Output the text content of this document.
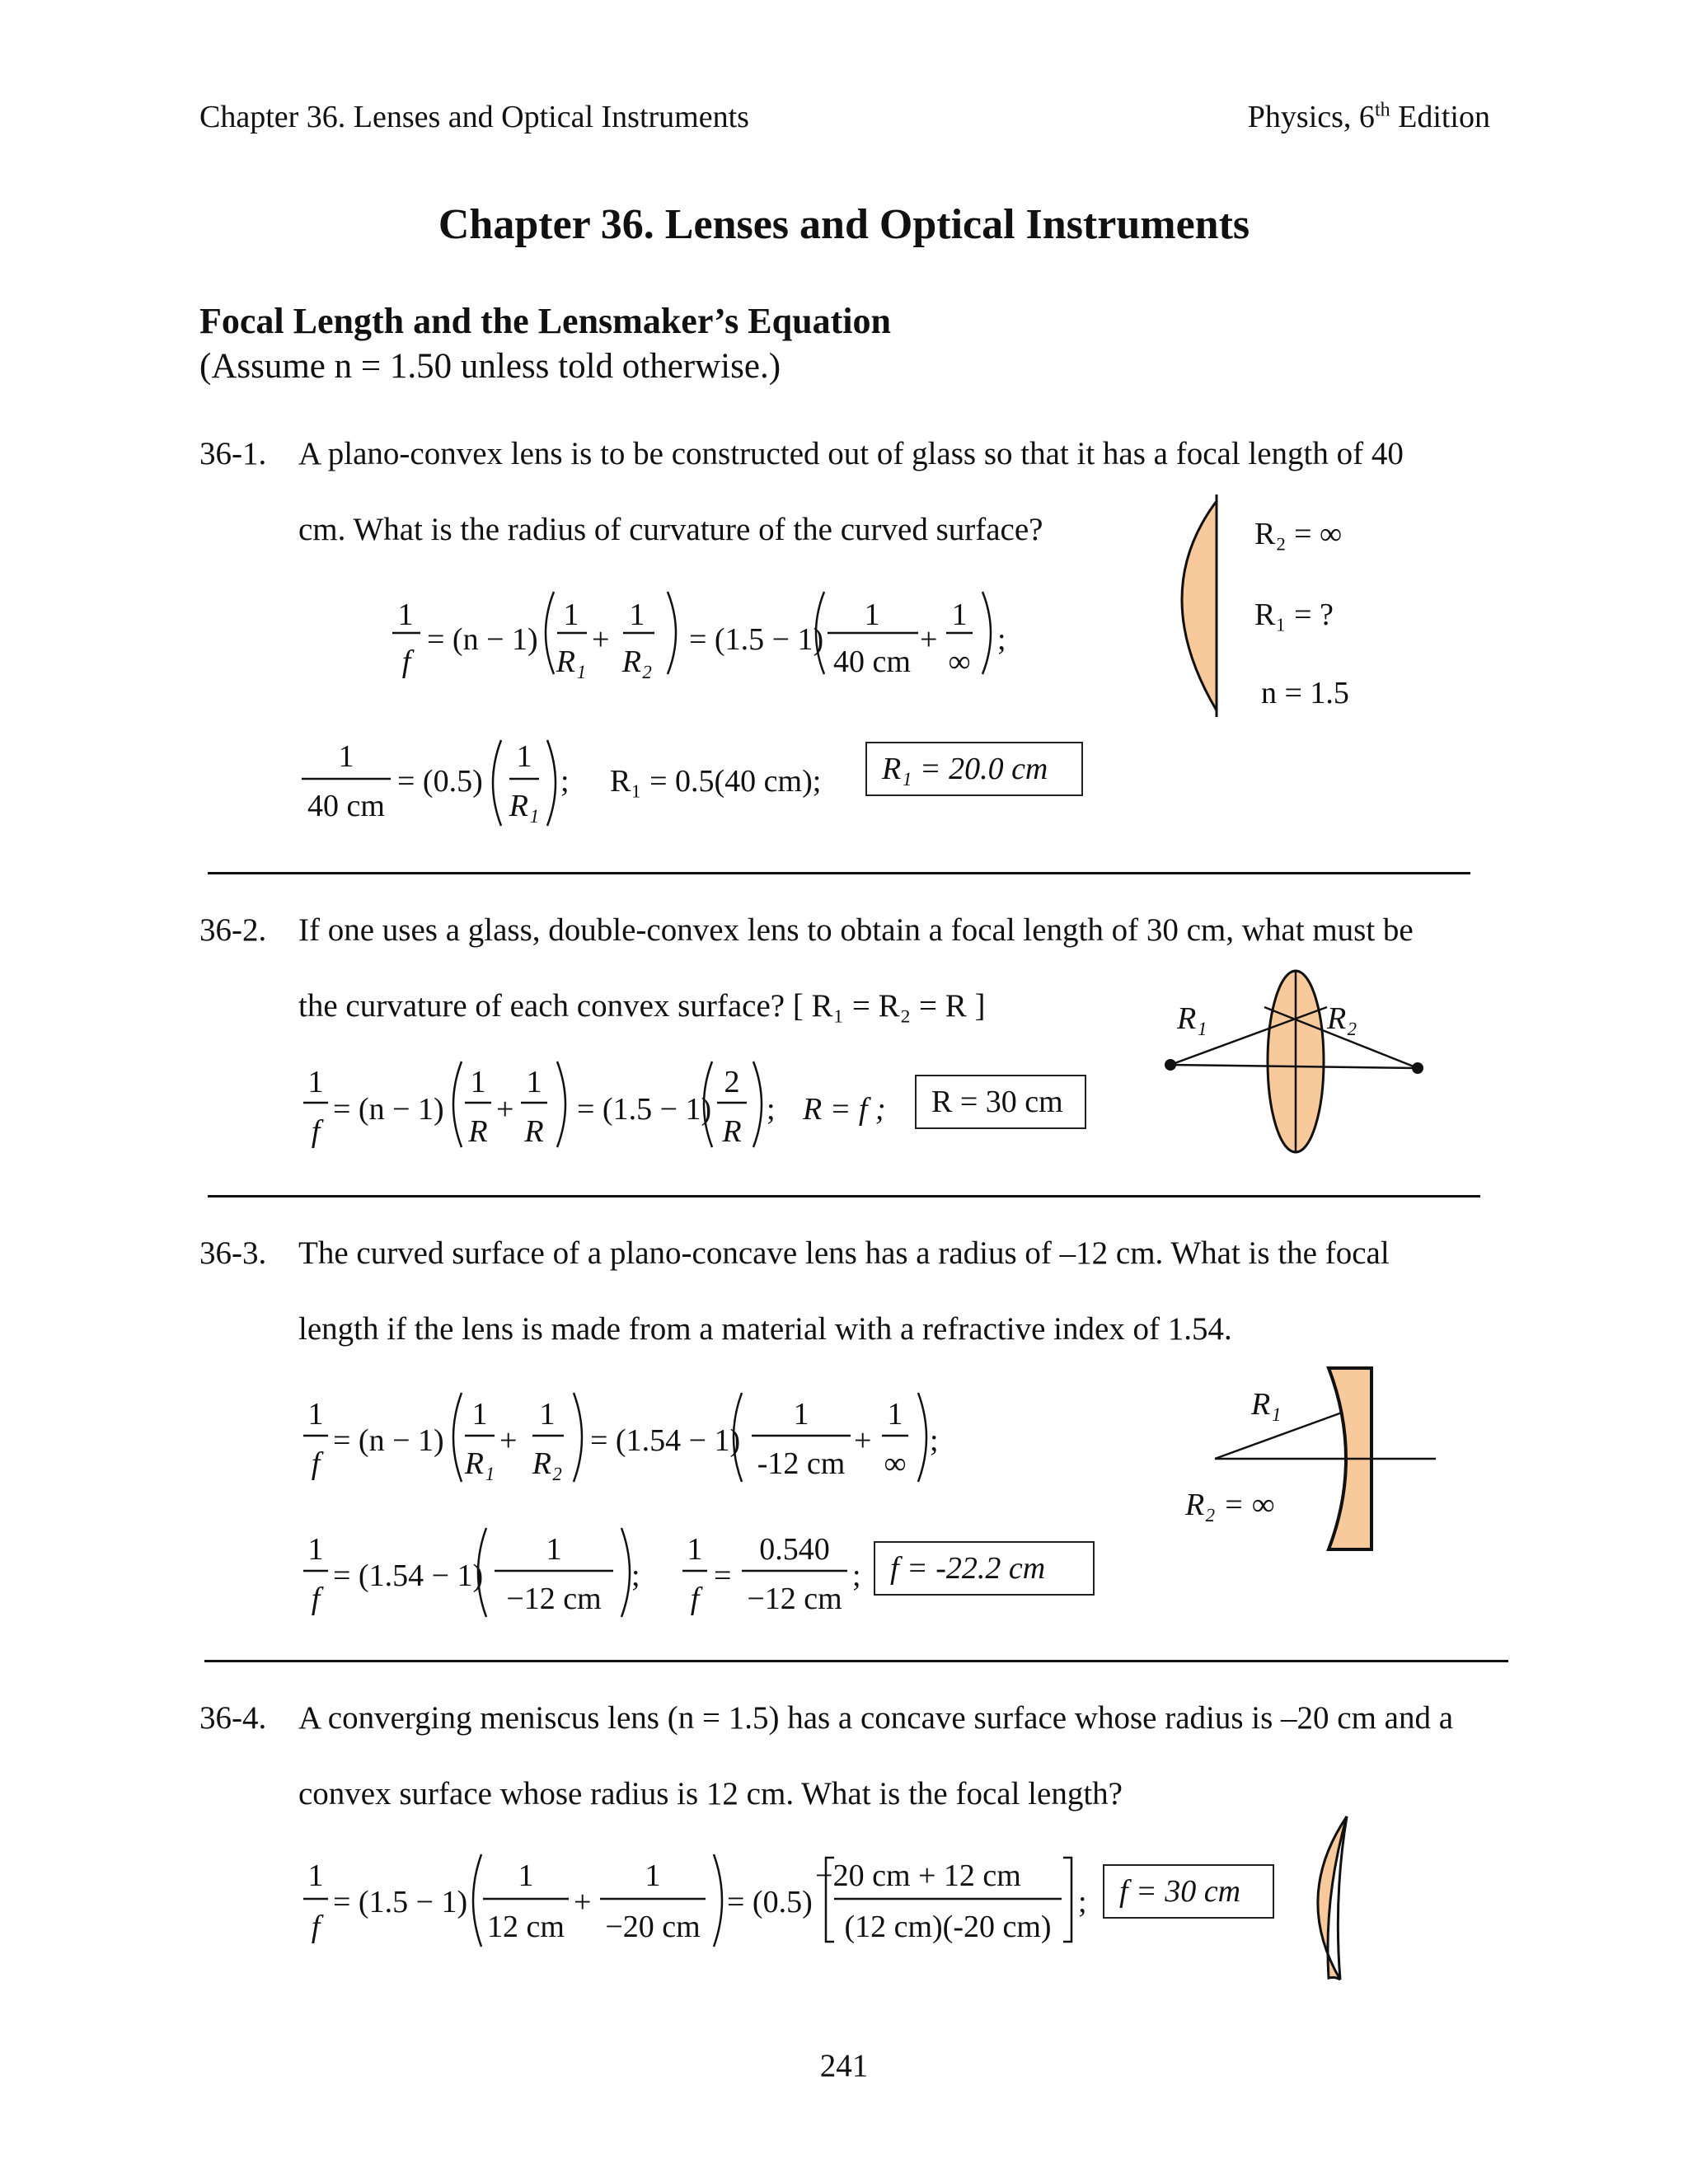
Chapter 36. Lenses and Optical Instruments	Physics, 6th Edition
Chapter 36. Lenses and Optical Instruments
Focal Length and the Lensmaker’s Equation
(Assume n = 1.50 unless told otherwise.)
36-1. A plano-convex lens is to be constructed out of glass so that it has a focal length of 40
cm. What is the radius of curvature of the curved surface?
1
f
= (n − 1)
1
R₁
+
1
R₂
= (1.5 − 1)
1
40 cm
+
1
∞
;
1
40 cm
= (0.5)
1
R₁
; R₁ = 0.5(40 cm);	R₁ = 20.0 cm
R₂ = ∞
R₁ = ?
n = 1.5
36-2. If one uses a glass, double-convex lens to obtain a focal length of 30 cm, what must be
the curvature of each convex surface? [ R₁ = R₂ = R ]
1
f
= (n − 1)
1
R
+
1
R
= (1.5 − 1)
2
R
; R = f ;	R = 30 cm
R₁	R₂
36-3. The curved surface of a plano-concave lens has a radius of –12 cm. What is the focal
length if the lens is made from a material with a refractive index of 1.54.
1
f
= (n − 1)
1
R₁
+
1
R₂
= (1.54 − 1)
1
-12 cm
+
1
∞
;
1
f
= (1.54 − 1)
1
−12 cm
;
1
f
=
0.540
−12 cm
; f = -22.2 cm
R₁
R₂ = ∞
36-4. A converging meniscus lens (n = 1.5) has a concave surface whose radius is –20 cm and a
convex surface whose radius is 12 cm. What is the focal length?
1
f
= (1.5 − 1)
1
12 cm
+
1
−20 cm
= (0.5)
−20 cm + 12 cm
(12 cm)(-20 cm)
;	f = 30 cm
241
